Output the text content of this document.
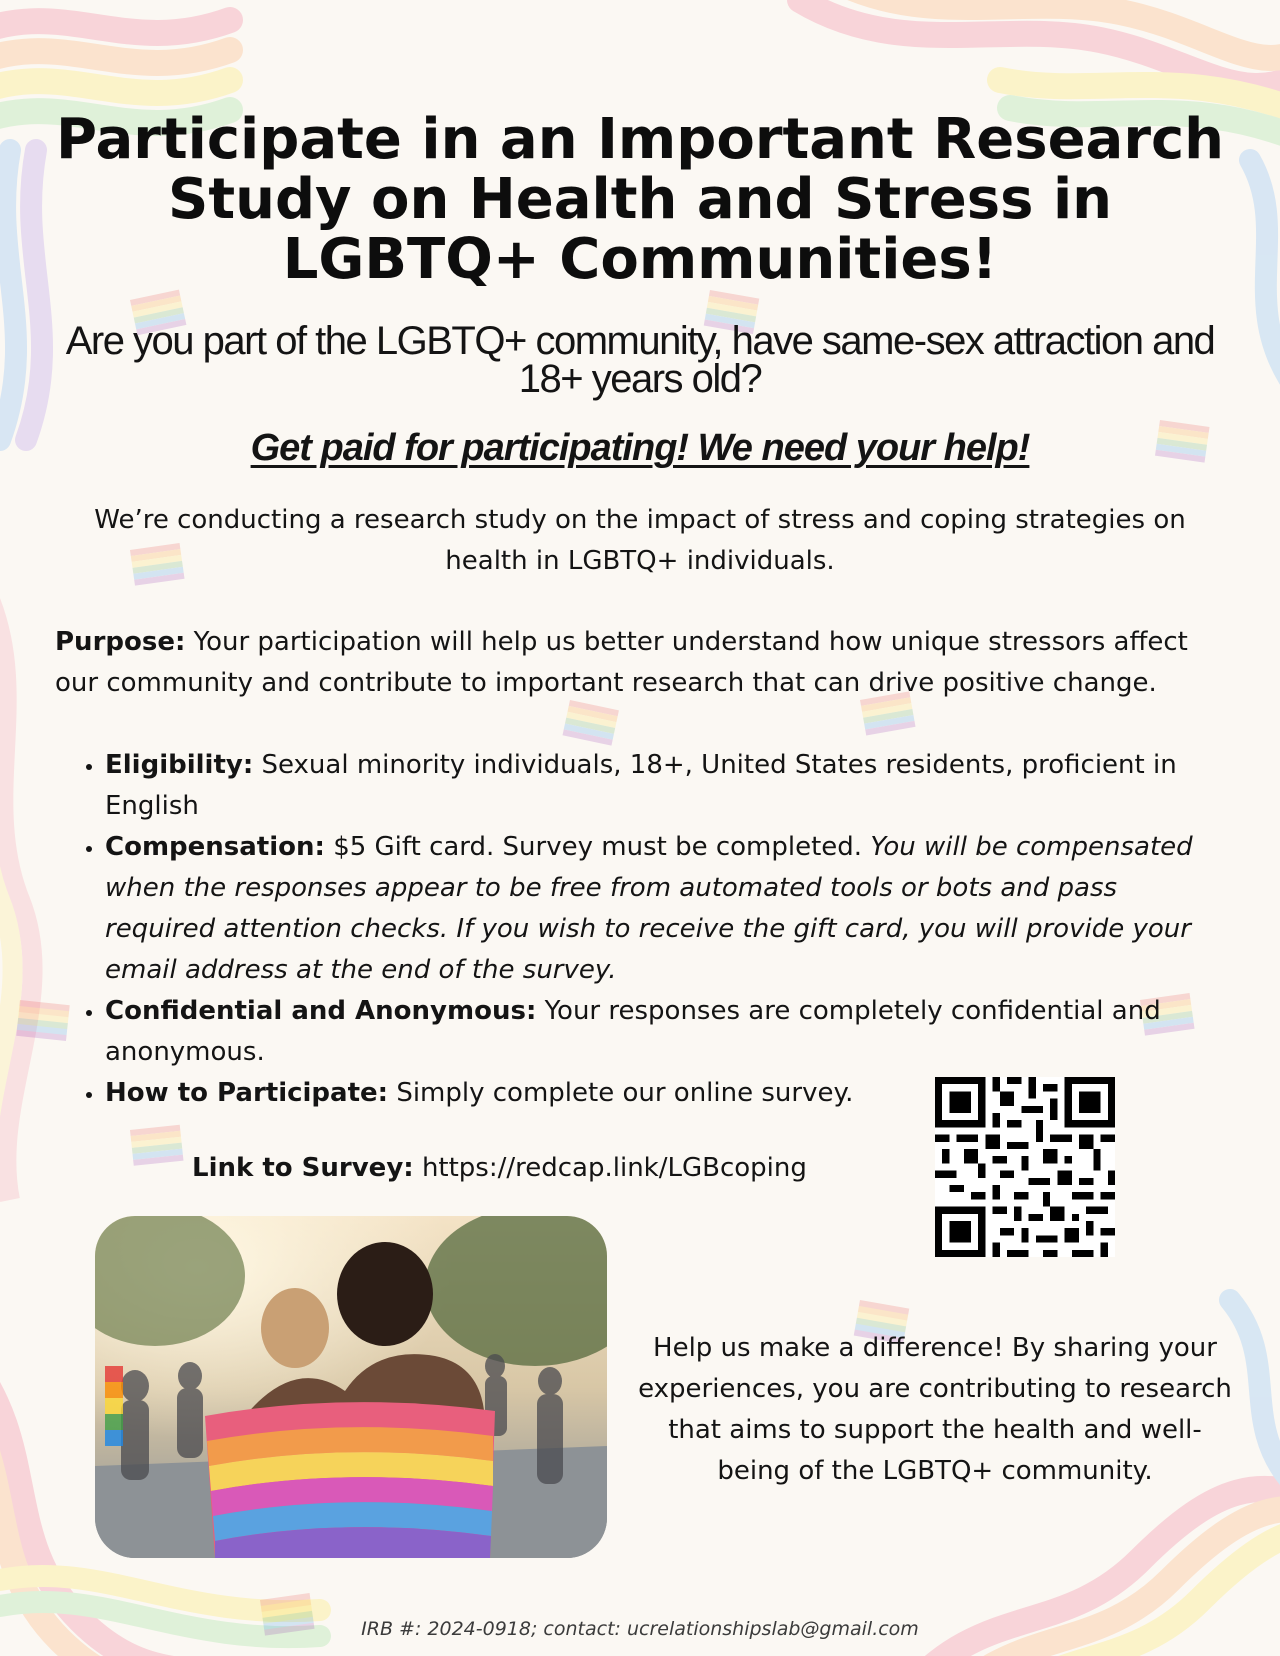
Participate in an Important Research Study on Health and Stress in LGBTQ+ Communities!
Are you part of the LGBTQ+ community, have same-sex attraction and 18+ years old?
Get paid for participating! We need your help!
We’re conducting a research study on the impact of stress and coping strategies on health in LGBTQ+ individuals.
Purpose: Your participation will help us better understand how unique stressors affect our community and contribute to important research that can drive positive change.
• Eligibility: Sexual minority individuals, 18+, United States residents, proficient in English
• Compensation: $5 Gift card. Survey must be completed. You will be compensated when the responses appear to be free from automated tools or bots and pass required attention checks. If you wish to receive the gift card, you will provide your email address at the end of the survey.
• Confidential and Anonymous: Your responses are completely confidential and anonymous.
• How to Participate: Simply complete our online survey.
Link to Survey: https://redcap.link/LGBcoping
Help us make a difference! By sharing your experiences, you are contributing to research that aims to support the health and well-being of the LGBTQ+ community.
IRB #: 2024-0918; contact: ucrelationshipslab@gmail.com
